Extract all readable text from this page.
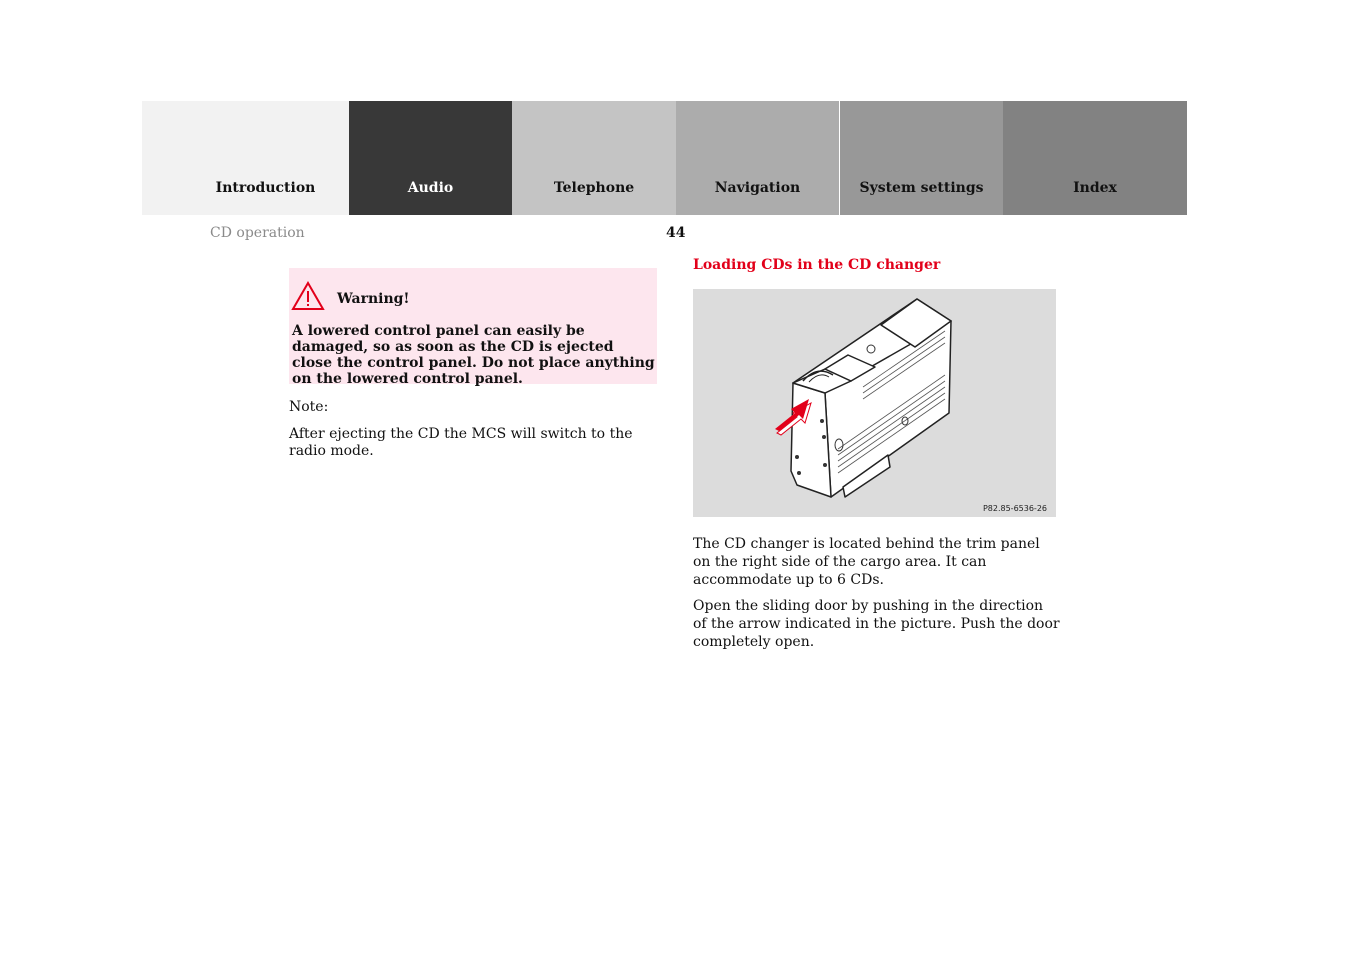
Introduction	Audio	Telephone	Navigation	System settings	Index
CD operation	44
Warning!
A lowered control panel can easily be damaged, so as soon as the CD is ejected close the control panel. Do not place anything on the lowered control panel.
Note:
After ejecting the CD the MCS will switch to the radio mode.
Loading CDs in the CD changer
P82.85-6536-26

The CD changer is located behind the trim panel on the right side of the cargo area. It can accommodate up to 6 CDs.

Open the sliding door by pushing in the direction of the arrow indicated in the picture. Push the door completely open.
